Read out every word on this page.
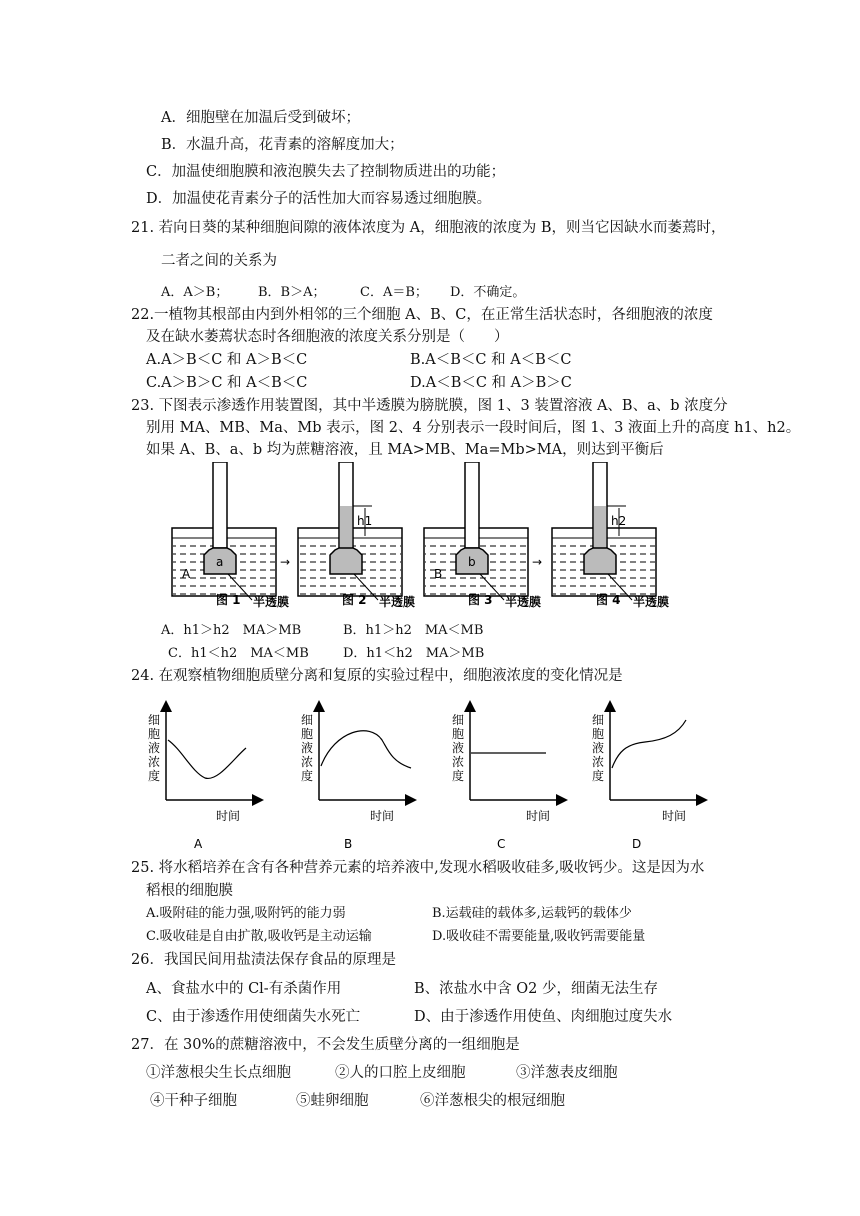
A．细胞壁在加温后受到破坏；
B．水温升高，花青素的溶解度加大；
C．加温使细胞膜和液泡膜失去了控制物质进出的功能；
D．加温使花青素分子的活性加大而容易透过细胞膜。
21. 若向日葵的某种细胞间隙的液体浓度为 A，细胞液的浓度为 B，则当它因缺水而萎蔫时，
二者之间的关系为
A．A＞B； B．B＞A；	C．A＝B； D．不确定。
22.一植物其根部由内到外相邻的三个细胞 A、B、C，在正常生活状态时，各细胞液的浓度
及在缺水萎蔫状态时各细胞液的浓度关系分别是（　　）
A.A＞B＜C 和 A＞B＜C	B.A＜B＜C 和 A＜B＜C
C.A＞B＞C 和 A＜B＜C	D.A＜B＜C 和 A＞B＞C
23. 下图表示渗透作用装置图，其中半透膜为膀胱膜，图 1、3 装置溶液 A、B、a、b 浓度分
别用 MA、MB、Ma、Mb 表示，图 2、4 分别表示一段时间后，图 1、3 液面上升的高度 h1、h2。
如果 A、B、a、b 均为蔗糖溶液，且 MA>MB、Ma=Mb>MA，则达到平衡后
a
A
图 1 半透膜
→
h1
图 2 半透膜
b
B
图 3 半透膜
→
h2
图 4 半透膜
A．h1＞h2　MA＞MB	B．h1＞h2　MA＜MB
C．h1＜h2　MA＜MB	D．h1＜h2　MA＞MB
24. 在观察植物细胞质壁分离和复原的实验过程中，细胞液浓度的变化情况是
细胞液浓度
时间
A
细胞液浓度
时间
B
细胞液浓度
时间
C
细胞液浓度
时间
D
25. 将水稻培养在含有各种营养元素的培养液中,发现水稻吸收硅多,吸收钙少。这是因为水
稻根的细胞膜
A.吸附硅的能力强,吸附钙的能力弱	B.运载硅的载体多,运载钙的载体少
C.吸收硅是自由扩散,吸收钙是主动运输	D.吸收硅不需要能量,吸收钙需要能量
26．我国民间用盐渍法保存食品的原理是
A、食盐水中的 Cl-有杀菌作用	B、浓盐水中含 O2 少，细菌无法生存
C、由于渗透作用使细菌失水死亡	D、由于渗透作用使鱼、肉细胞过度失水
27．在 30%的蔗糖溶液中，不会发生质壁分离的一组细胞是
①洋葱根尖生长点细胞	②人的口腔上皮细胞	③洋葱表皮细胞
④干种子细胞	⑤蛙卵细胞	⑥洋葱根尖的根冠细胞
